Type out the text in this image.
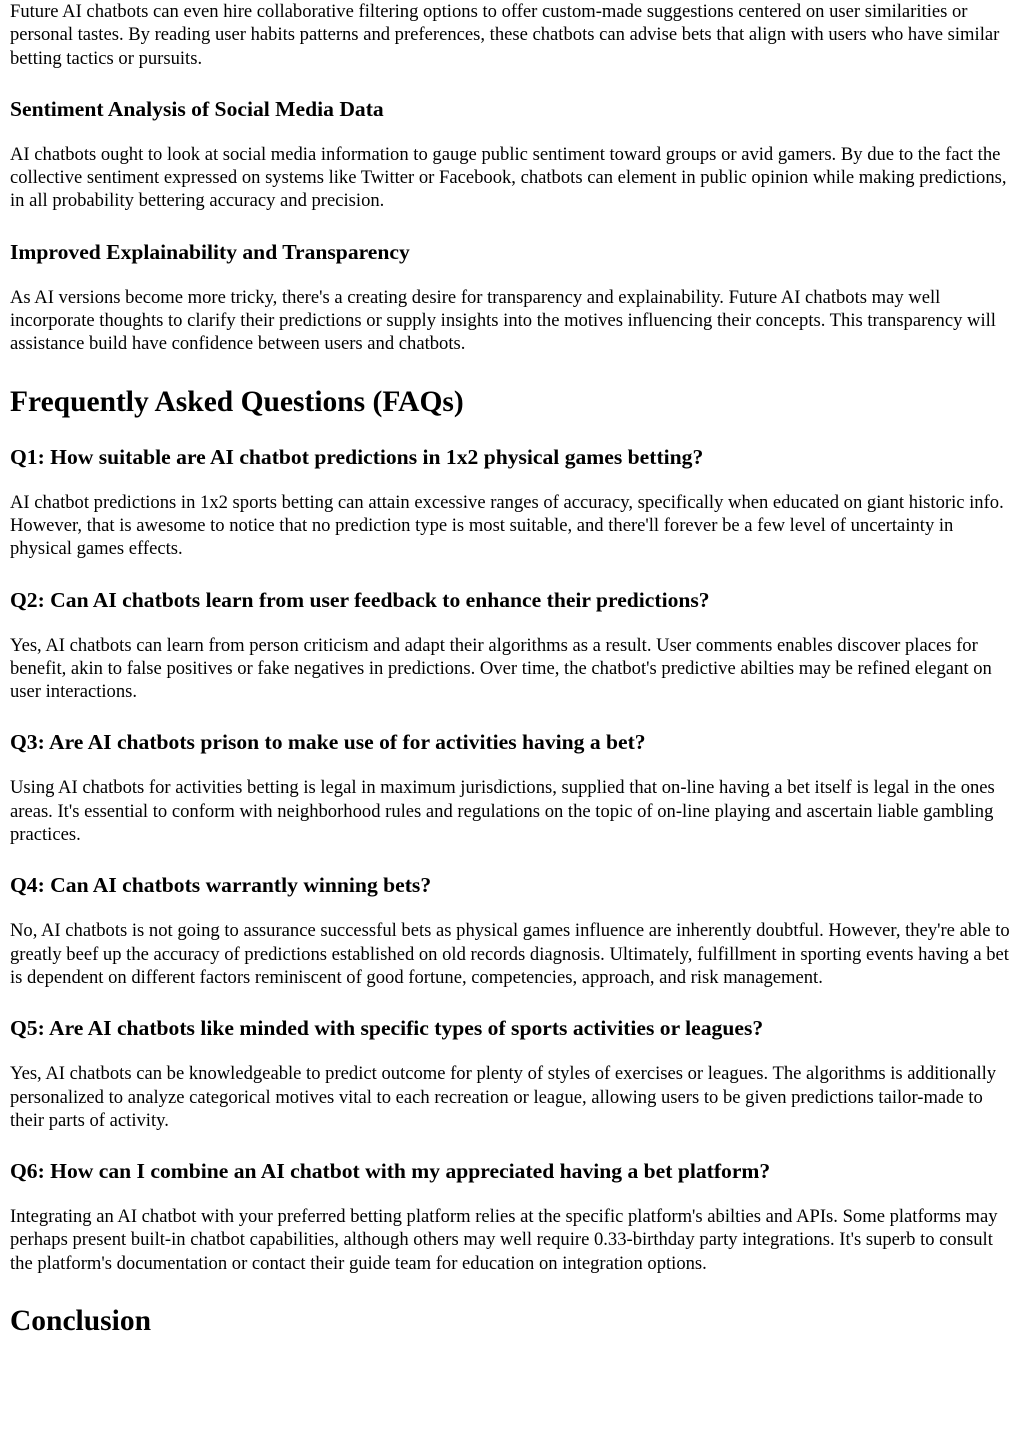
Future AI chatbots can even hire collaborative filtering options to offer custom-made suggestions centered on user similarities or personal tastes. By reading user habits patterns and preferences, these chatbots can advise bets that align with users who have similar betting tactics or pursuits.

Sentiment Analysis of Social Media Data

AI chatbots ought to look at social media information to gauge public sentiment toward groups or avid gamers. By due to the fact the collective sentiment expressed on systems like Twitter or Facebook, chatbots can element in public opinion while making predictions, in all probability bettering accuracy and precision.

Improved Explainability and Transparency

As AI versions become more tricky, there's a creating desire for transparency and explainability. Future AI chatbots may well incorporate thoughts to clarify their predictions or supply insights into the motives influencing their concepts. This transparency will assistance build have confidence between users and chatbots.

Frequently Asked Questions (FAQs)
Q1: How suitable are AI chatbot predictions in 1x2 physical games betting?

AI chatbot predictions in 1x2 sports betting can attain excessive ranges of accuracy, specifically when educated on giant historic info. However, that is awesome to notice that no prediction type is most suitable, and there'll forever be a few level of uncertainty in physical games effects.

Q2: Can AI chatbots learn from user feedback to enhance their predictions?

Yes, AI chatbots can learn from person criticism and adapt their algorithms as a result. User comments enables discover places for benefit, akin to false positives or fake negatives in predictions. Over time, the chatbot's predictive abilties may be refined elegant on user interactions.

Q3: Are AI chatbots prison to make use of for activities having a bet?

Using AI chatbots for activities betting is legal in maximum jurisdictions, supplied that on-line having a bet itself is legal in the ones areas. It's essential to conform with neighborhood rules and regulations on the topic of on-line playing and ascertain liable gambling practices.

Q4: Can AI chatbots warrantly winning bets?

No, AI chatbots is not going to assurance successful bets as physical games influence are inherently doubtful. However, they're able to greatly beef up the accuracy of predictions established on old records diagnosis. Ultimately, fulfillment in sporting events having a bet is dependent on different factors reminiscent of good fortune, competencies, approach, and risk management.

Q5: Are AI chatbots like minded with specific types of sports activities or leagues?

Yes, AI chatbots can be knowledgeable to predict outcome for plenty of styles of exercises or leagues. The algorithms is additionally personalized to analyze categorical motives vital to each recreation or league, allowing users to be given predictions tailor-made to their parts of activity.

Q6: How can I combine an AI chatbot with my appreciated having a bet platform?

Integrating an AI chatbot with your preferred betting platform relies at the specific platform's abilties and APIs. Some platforms may perhaps present built-in chatbot capabilities, although others may well require 0.33-birthday party integrations. It's superb to consult the platform's documentation or contact their guide team for education on integration options.

Conclusion
